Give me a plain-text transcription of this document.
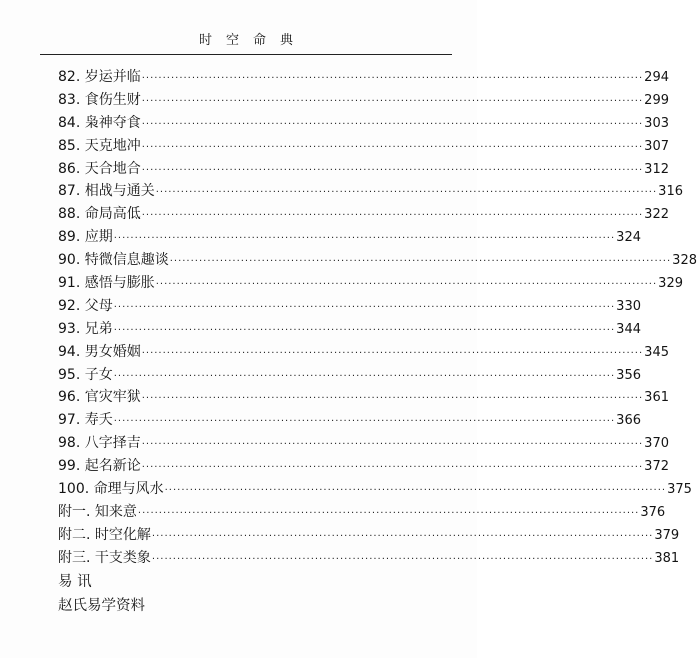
时空命典
82. 岁运并临 ························································································································ 294
83. 食伤生财 ························································································································ 299
84. 枭神夺食 ························································································································ 303
85. 天克地冲 ························································································································ 307
86. 天合地合 ························································································································ 312
87. 相战与通关 ························································································································ 316
88. 命局高低 ························································································································ 322
89. 应期 ························································································································ 324
90. 特微信息趣谈 ························································································································ 328
91. 感悟与膨胀 ························································································································ 329
92. 父母 ························································································································ 330
93. 兄弟 ························································································································ 344
94. 男女婚姻 ························································································································ 345
95. 子女 ························································································································ 356
96. 官灾牢狱 ························································································································ 361
97. 寿夭 ························································································································ 366
98. 八字择吉 ························································································································ 370
99. 起名新论 ························································································································ 372
100. 命理与风水 ························································································································ 375
附一. 知来意 ························································································································ 376
附二. 时空化解 ························································································································ 379
附三. 干支类象 ························································································································ 381
易 讯
赵氏易学资料
